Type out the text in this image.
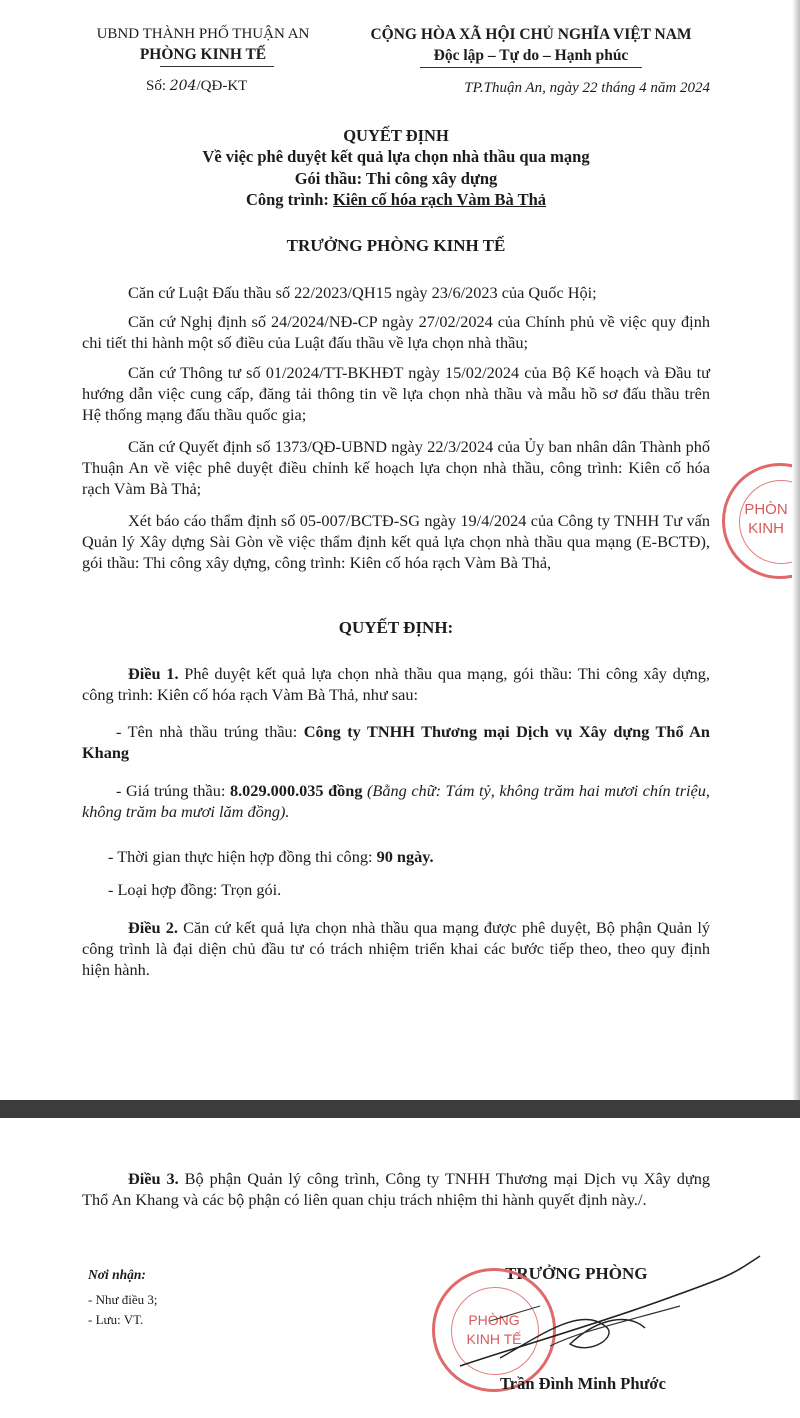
UBND THÀNH PHỐ THUẬN AN
PHÒNG KINH TẾ
Số: 204/QĐ-KT
CỘNG HÒA XÃ HỘI CHỦ NGHĨA VIỆT NAM
Độc lập – Tự do – Hạnh phúc
TP.Thuận An, ngày 22 tháng 4 năm 2024
QUYẾT ĐỊNH
Về việc phê duyệt kết quả lựa chọn nhà thầu qua mạng
Gói thầu: Thi công xây dựng
Công trình: Kiên cố hóa rạch Vàm Bà Thả
TRƯỞNG PHÒNG KINH TẾ
Căn cứ Luật Đấu thầu số 22/2023/QH15 ngày 23/6/2023 của Quốc Hội;
Căn cứ Nghị định số 24/2024/NĐ-CP ngày 27/02/2024 của Chính phủ về việc quy định chi tiết thi hành một số điều của Luật đấu thầu về lựa chọn nhà thầu;
Căn cứ Thông tư số 01/2024/TT-BKHĐT ngày 15/02/2024 của Bộ Kế hoạch và Đầu tư hướng dẫn việc cung cấp, đăng tải thông tin về lựa chọn nhà thầu và mẫu hồ sơ đấu thầu trên Hệ thống mạng đấu thầu quốc gia;
Căn cứ Quyết định số 1373/QĐ-UBND ngày 22/3/2024 của Ủy ban nhân dân Thành phố Thuận An về việc phê duyệt điều chỉnh kế hoạch lựa chọn nhà thầu, công trình: Kiên cố hóa rạch Vàm Bà Thả;
Xét báo cáo thẩm định số 05-007/BCTĐ-SG ngày 19/4/2024 của Công ty TNHH Tư vấn Quản lý Xây dựng Sài Gòn về việc thẩm định kết quả lựa chọn nhà thầu qua mạng (E-BCTĐ), gói thầu: Thi công xây dựng, công trình: Kiên cố hóa rạch Vàm Bà Thả,
QUYẾT ĐỊNH:
Điều 1. Phê duyệt kết quả lựa chọn nhà thầu qua mạng, gói thầu: Thi công xây dựng, công trình: Kiên cố hóa rạch Vàm Bà Thả, như sau:
- Tên nhà thầu trúng thầu: Công ty TNHH Thương mại Dịch vụ Xây dựng Thổ An Khang
- Giá trúng thầu: 8.029.000.035 đồng (Bằng chữ: Tám tỷ, không trăm hai mươi chín triệu, không trăm ba mươi lăm đồng).
- Thời gian thực hiện hợp đồng thi công: 90 ngày.
- Loại hợp đồng: Trọn gói.
Điều 2. Căn cứ kết quả lựa chọn nhà thầu qua mạng được phê duyệt, Bộ phận Quản lý công trình là đại diện chủ đầu tư có trách nhiệm triển khai các bước tiếp theo, theo quy định hiện hành.
PHÒN
KINH
Điều 3. Bộ phận Quản lý công trình, Công ty TNHH Thương mại Dịch vụ Xây dựng Thổ An Khang và các bộ phận có liên quan chịu trách nhiệm thi hành quyết định này./.
Nơi nhận:
- Như điều 3;
- Lưu: VT.
TRƯỞNG PHÒNG
PHÒNG
KINH TẾ
Trần Đình Minh Phước
